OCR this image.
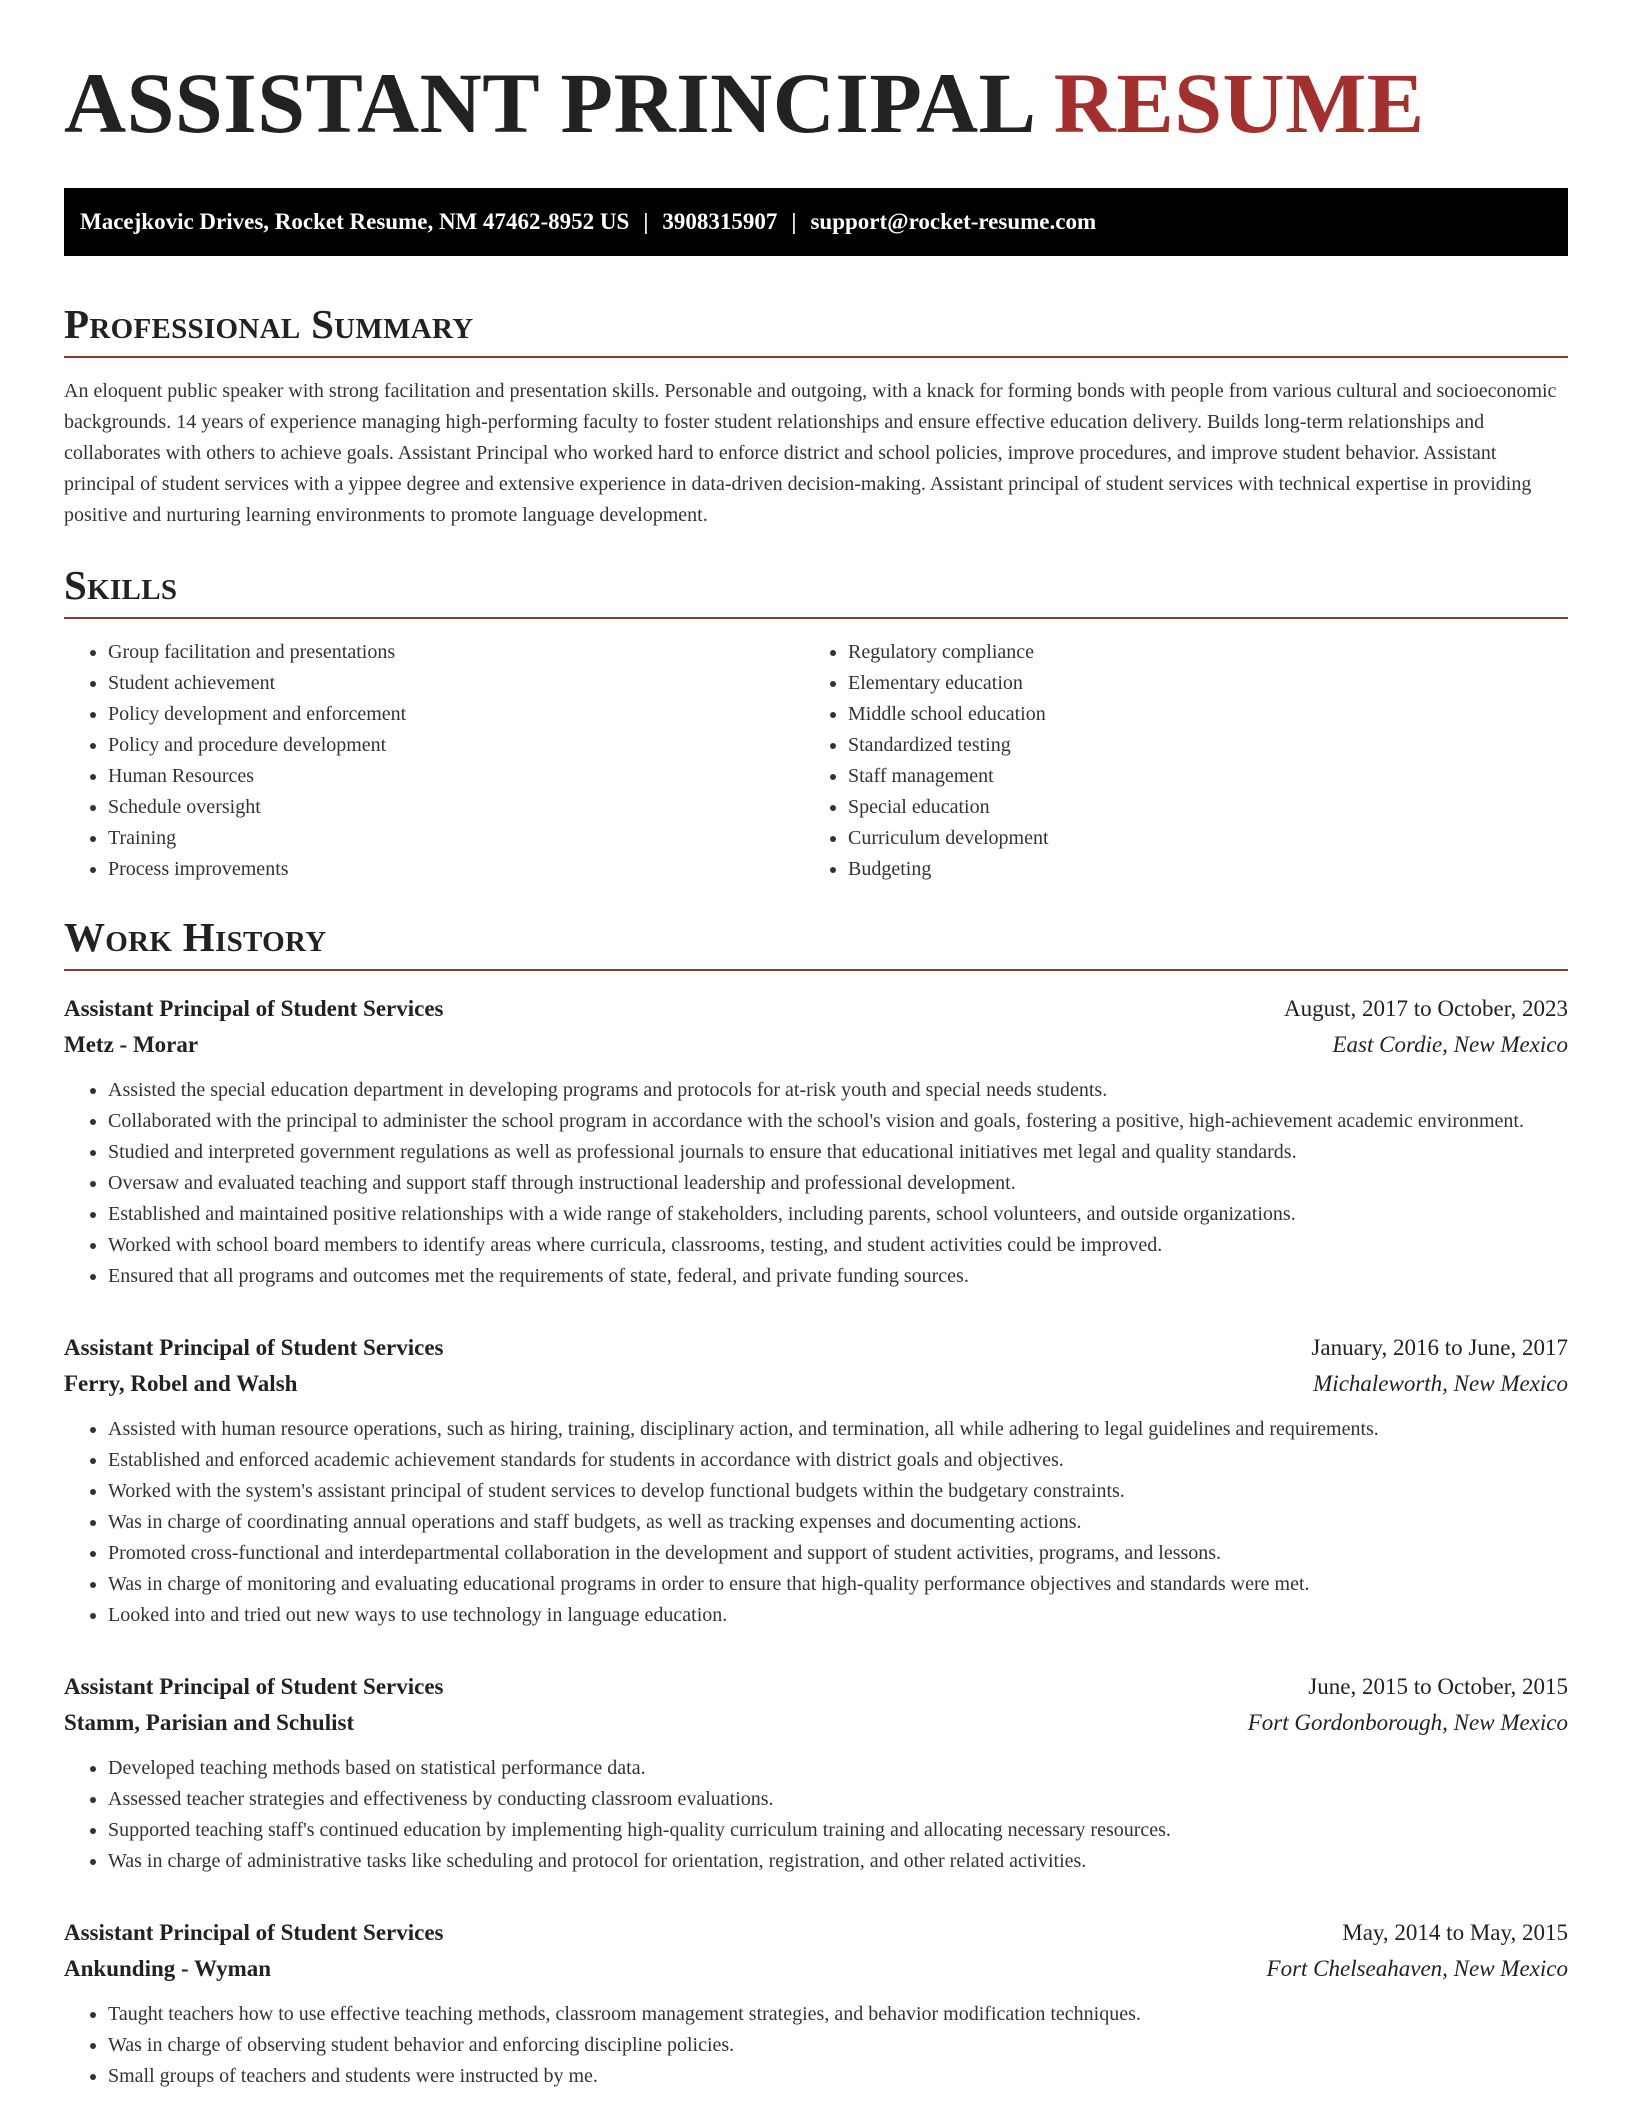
ASSISTANT PRINCIPAL RESUME
Macejkovic Drives, Rocket Resume, NM 47462-8952 US | 3908315907 | support@rocket-resume.com
Professional Summary

An eloquent public speaker with strong facilitation and presentation skills. Personable and outgoing, with a knack for forming bonds with people from various cultural and socioeconomic backgrounds. 14 years of experience managing high-performing faculty to foster student relationships and ensure effective education delivery. Builds long-term relationships and collaborates with others to achieve goals. Assistant Principal who worked hard to enforce district and school policies, improve procedures, and improve student behavior. Assistant principal of student services with a yippee degree and extensive experience in data-driven decision-making. Assistant principal of student services with technical expertise in providing positive and nurturing learning environments to promote language development.

Skills
• Group facilitation and presentations
• Student achievement
• Policy development and enforcement
• Policy and procedure development
• Human Resources
• Schedule oversight
• Training
• Process improvements
• Regulatory compliance
• Elementary education
• Middle school education
• Standardized testing
• Staff management
• Special education
• Curriculum development
• Budgeting
Work History
Assistant Principal of Student Services	August, 2017 to October, 2023
Metz - Morar	East Cordie, New Mexico
• Assisted the special education department in developing programs and protocols for at-risk youth and special needs students.
• Collaborated with the principal to administer the school program in accordance with the school's vision and goals, fostering a positive, high-achievement academic environment.
• Studied and interpreted government regulations as well as professional journals to ensure that educational initiatives met legal and quality standards.
• Oversaw and evaluated teaching and support staff through instructional leadership and professional development.
• Established and maintained positive relationships with a wide range of stakeholders, including parents, school volunteers, and outside organizations.
• Worked with school board members to identify areas where curricula, classrooms, testing, and student activities could be improved.
• Ensured that all programs and outcomes met the requirements of state, federal, and private funding sources.
Assistant Principal of Student Services	January, 2016 to June, 2017
Ferry, Robel and Walsh	Michaleworth, New Mexico
• Assisted with human resource operations, such as hiring, training, disciplinary action, and termination, all while adhering to legal guidelines and requirements.
• Established and enforced academic achievement standards for students in accordance with district goals and objectives.
• Worked with the system's assistant principal of student services to develop functional budgets within the budgetary constraints.
• Was in charge of coordinating annual operations and staff budgets, as well as tracking expenses and documenting actions.
• Promoted cross-functional and interdepartmental collaboration in the development and support of student activities, programs, and lessons.
• Was in charge of monitoring and evaluating educational programs in order to ensure that high-quality performance objectives and standards were met.
• Looked into and tried out new ways to use technology in language education.
Assistant Principal of Student Services	June, 2015 to October, 2015
Stamm, Parisian and Schulist	Fort Gordonborough, New Mexico
• Developed teaching methods based on statistical performance data.
• Assessed teacher strategies and effectiveness by conducting classroom evaluations.
• Supported teaching staff's continued education by implementing high-quality curriculum training and allocating necessary resources.
• Was in charge of administrative tasks like scheduling and protocol for orientation, registration, and other related activities.
Assistant Principal of Student Services	May, 2014 to May, 2015
Ankunding - Wyman	Fort Chelseahaven, New Mexico
• Taught teachers how to use effective teaching methods, classroom management strategies, and behavior modification techniques.
• Was in charge of observing student behavior and enforcing discipline policies.
• Small groups of teachers and students were instructed by me.
